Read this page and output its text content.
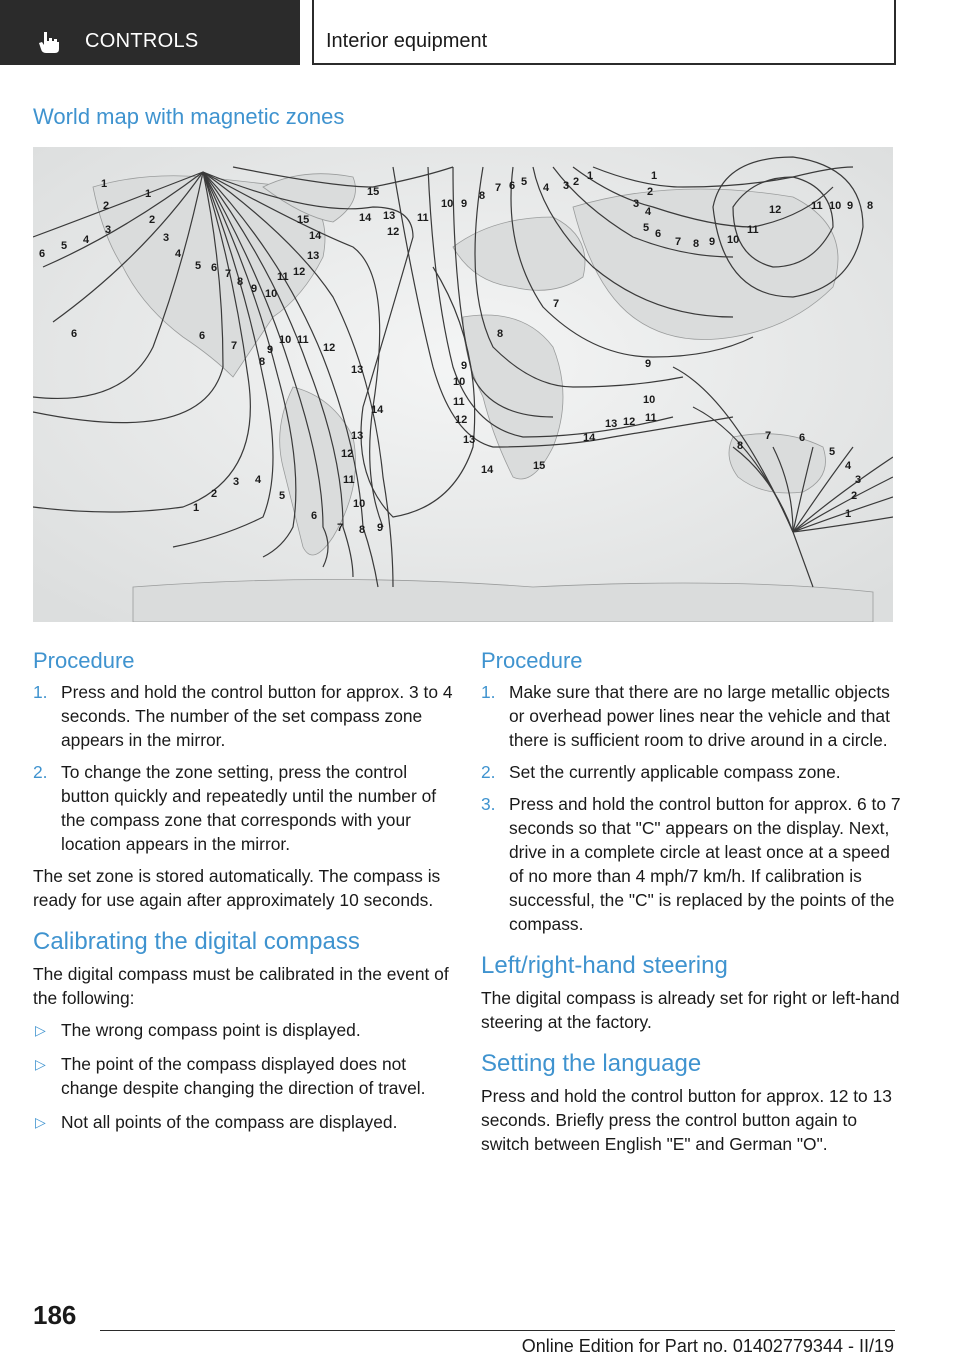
CONTROLS	Interior equipment
World map with magnetic zones
1
2
3
4
5
6
1
2
3
4
5 6 7
8
9 10
11 12
13
14
15
6	6
7
8
9
10 11
12
13
14
13
12
11
10
9
8
7
6
5
4
3
2
1
15
14 13
12
11
10 9
8
7 6 5 4 3 2 1	1
2
3
4
5 6
7 8 9 10
11
12	11 10 9 8
7
8
9
10
11
12
13
14	15
14
13 12 11
10
9
8
7	6
5
4
3
2
1
Procedure
1. Press and hold the control button for approx. 3 to 4 seconds. The number of the set compass zone appears in the mirror.
2. To change the zone setting, press the control button quickly and repeatedly until the number of the compass zone that corresponds with your location appears in the mirror.

The set zone is stored automatically. The compass is ready for use again after approximately 10 seconds.

Calibrating the digital compass

The digital compass must be calibrated in the event of the following:

▷ The wrong compass point is displayed.
▷ The point of the compass displayed does not change despite changing the direction of travel.
▷ Not all points of the compass are displayed.
Procedure
1. Make sure that there are no large metallic objects or overhead power lines near the vehicle and that there is sufficient room to drive around in a circle.
2. Set the currently applicable compass zone.
3. Press and hold the control button for approx. 6 to 7 seconds so that "C" appears on the display. Next, drive in a complete circle at least once at a speed of no more than 4 mph/7 km/h. If calibration is successful, the "C" is replaced by the points of the compass.
Left/right-hand steering

The digital compass is already set for right or left-hand steering at the factory.

Setting the language

Press and hold the control button for approx. 12 to 13 seconds. Briefly press the control button again to switch between English "E" and German "O".

186
Online Edition for Part no. 01402779344 - II/19
